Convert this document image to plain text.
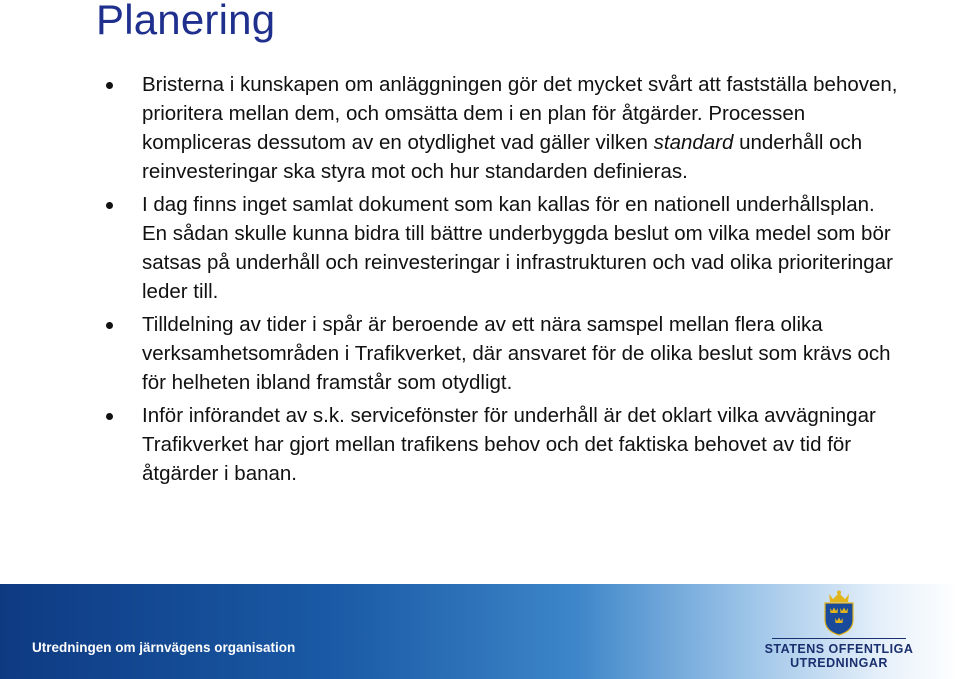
Planering
Bristerna i kunskapen om anläggningen gör det mycket svårt att fastställa behoven, prioritera mellan dem, och omsätta dem i en plan för åtgärder. Processen kompliceras dessutom av en otydlighet vad gäller vilken standard underhåll och reinvesteringar ska styra mot och hur standarden definieras.
I dag finns inget samlat dokument som kan kallas för en nationell underhållsplan. En sådan skulle kunna bidra till bättre underbyggda beslut om vilka medel som bör satsas på underhåll och reinvesteringar i infrastrukturen och vad olika prioriteringar leder till.
Tilldelning av tider i spår är beroende av ett nära samspel mellan flera olika verksamhetsområden i Trafikverket, där ansvaret för de olika beslut som krävs och för helheten ibland framstår som otydligt.
Inför införandet av s.k. servicefönster för underhåll är det oklart vilka avvägningar Trafikverket har gjort mellan trafikens behov och det faktiska behovet av tid för åtgärder i banan.
Utredningen om järnvägens organisation	STATENS OFFENTLIGA
UTREDNINGAR
